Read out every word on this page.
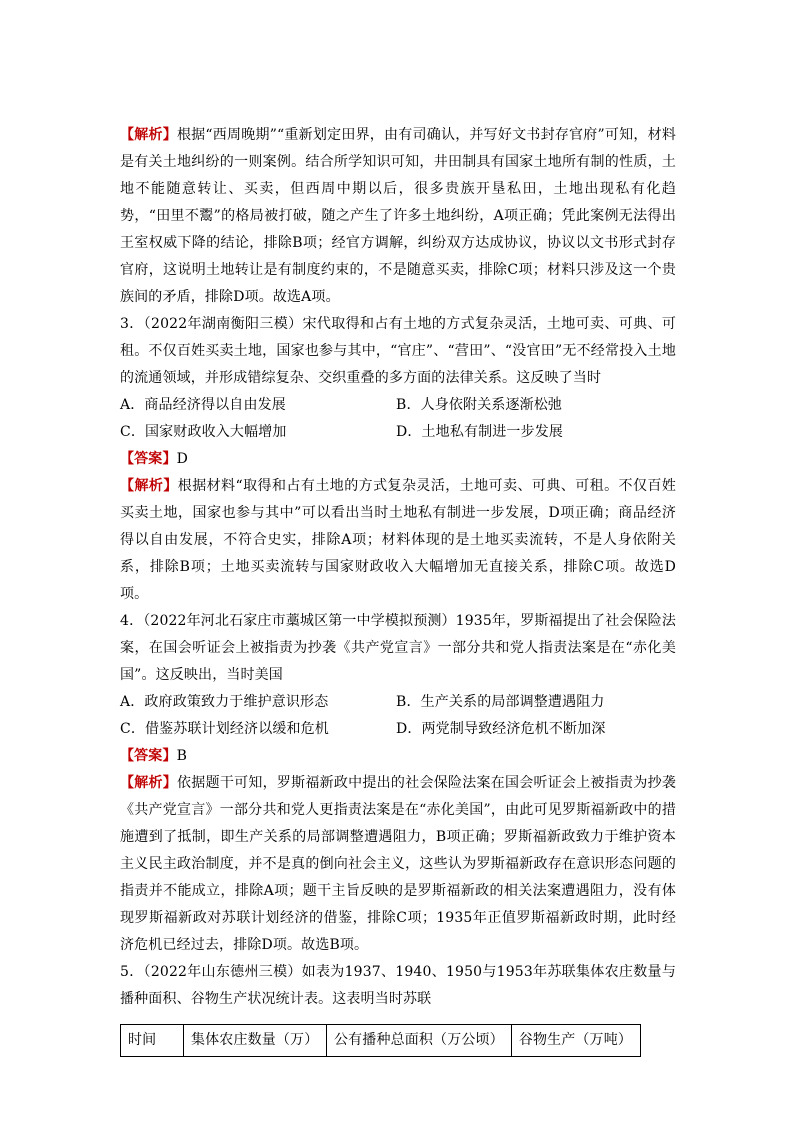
【解析】根据“西周晚期”“重新划定田界，由有司确认，并写好文书封存官府”可知，材料是有关土地纠纷的一则案例。结合所学知识可知，井田制具有国家土地所有制的性质，土地不能随意转让、买卖，但西周中期以后，很多贵族开垦私田，土地出现私有化趋势，“田里不鬻”的格局被打破，随之产生了许多土地纠纷，A项正确；凭此案例无法得出王室权威下降的结论，排除B项；经官方调解，纠纷双方达成协议，协议以文书形式封存官府，这说明土地转让是有制度约束的，不是随意买卖，排除C项；材料只涉及这一个贵族间的矛盾，排除D项。故选A项。

3．（2022年湖南衡阳三模）宋代取得和占有土地的方式复杂灵活，土地可卖、可典、可租。不仅百姓买卖土地，国家也参与其中，“官庄”、“营田”、“没官田”无不经常投入土地的流通领域，并形成错综复杂、交织重叠的多方面的法律关系。这反映了当时

A．商品经济得以自由发展	B．人身依附关系逐渐松弛
C．国家财政收入大幅增加	D．土地私有制进一步发展

【答案】D

【解析】根据材料“取得和占有土地的方式复杂灵活，土地可卖、可典、可租。不仅百姓买卖土地，国家也参与其中”可以看出当时土地私有制进一步发展，D项正确；商品经济得以自由发展，不符合史实，排除A项；材料体现的是土地买卖流转，不是人身依附关系，排除B项；土地买卖流转与国家财政收入大幅增加无直接关系，排除C项。故选D项。

4．（2022年河北石家庄市藁城区第一中学模拟预测）1935年，罗斯福提出了社会保险法案，在国会听证会上被指责为抄袭《共产党宣言》一部分共和党人指责法案是在“赤化美国”。这反映出，当时美国

A．政府政策致力于维护意识形态	B．生产关系的局部调整遭遇阻力
C．借鉴苏联计划经济以缓和危机	D．两党制导致经济危机不断加深

【答案】B

【解析】依据题干可知，罗斯福新政中提出的社会保险法案在国会听证会上被指责为抄袭《共产党宣言》一部分共和党人更指责法案是在“赤化美国”，由此可见罗斯福新政中的措施遭到了抵制，即生产关系的局部调整遭遇阻力，B项正确；罗斯福新政致力于维护资本主义民主政治制度，并不是真的倒向社会主义，这些认为罗斯福新政存在意识形态问题的指责并不能成立，排除A项；题干主旨反映的是罗斯福新政的相关法案遭遇阻力，没有体现罗斯福新政对苏联计划经济的借鉴，排除C项；1935年正值罗斯福新政时期，此时经济危机已经过去，排除D项。故选B项。

5．（2022年山东德州三模）如表为1937、1940、1950与1953年苏联集体农庄数量与播种面积、谷物生产状况统计表。这表明当时苏联

时间	集体农庄数量（万）	公有播种总面积（万公顷）	谷物生产（万吨）
